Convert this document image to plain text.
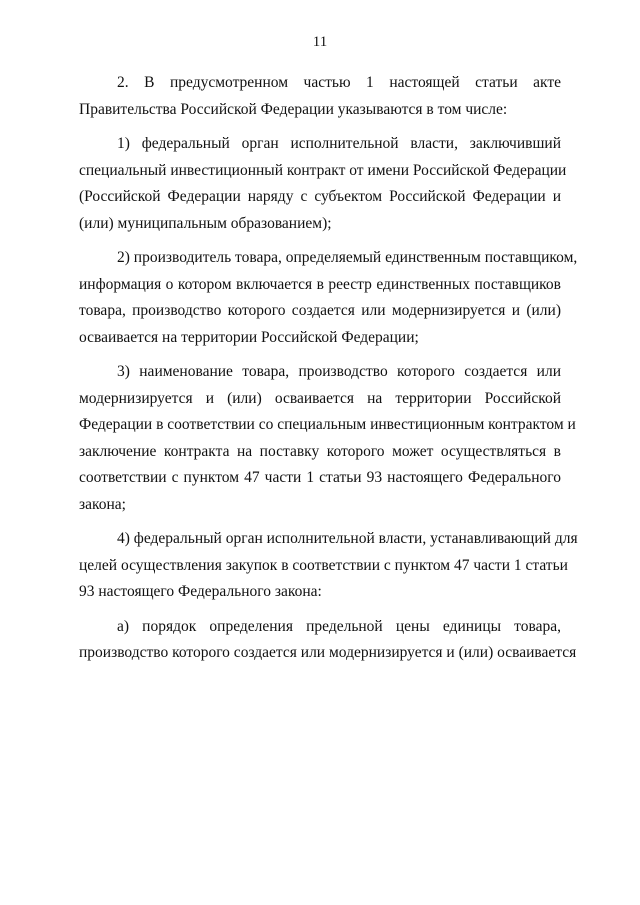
11
2. В предусмотренном частью 1 настоящей статьи акте
Правительства Российской Федерации указываются в том числе:
1) федеральный орган исполнительной власти, заключивший
специальный инвестиционный контракт от имени Российской Федерации
(Российской Федерации наряду с субъектом Российской Федерации и
(или) муниципальным образованием);
2) производитель товара, определяемый единственным поставщиком,
информация о котором включается в реестр единственных поставщиков
товара, производство которого создается или модернизируется и (или)
осваивается на территории Российской Федерации;
3) наименование товара, производство которого создается или
модернизируется и (или) осваивается на территории Российской
Федерации в соответствии со специальным инвестиционным контрактом и
заключение контракта на поставку которого может осуществляться в
соответствии с пунктом 47 части 1 статьи 93 настоящего Федерального
закона;
4) федеральный орган исполнительной власти, устанавливающий для
целей осуществления закупок в соответствии с пунктом 47 части 1 статьи
93 настоящего Федерального закона:
а) порядок определения предельной цены единицы товара,
производство которого создается или модернизируется и (или) осваивается
